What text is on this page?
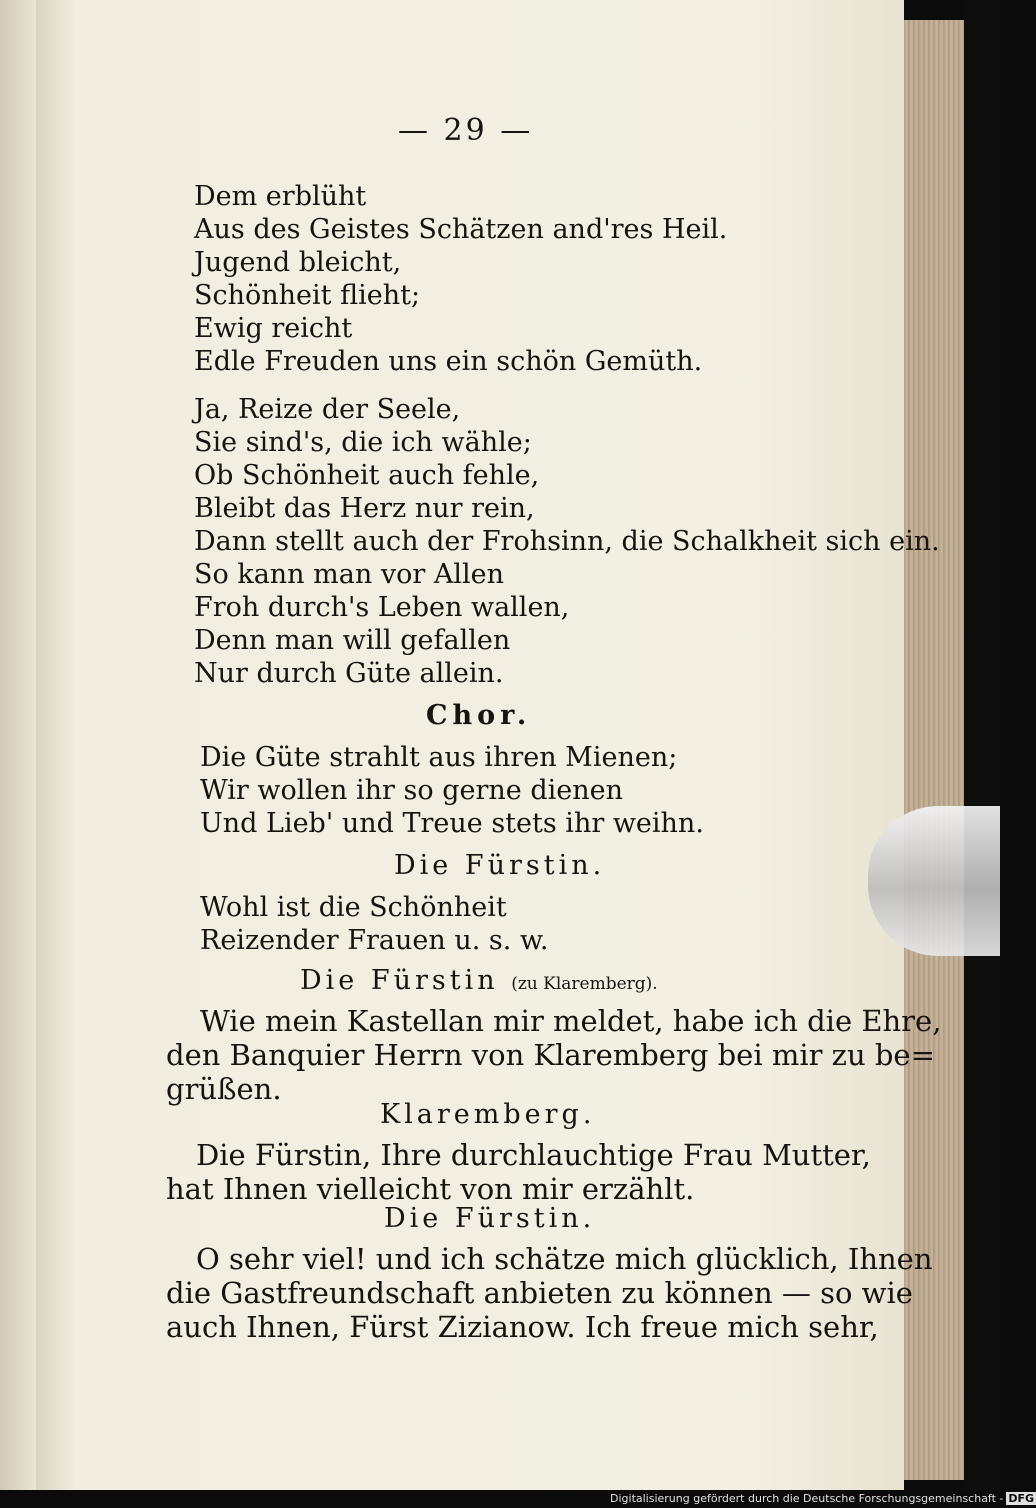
— 29 —
Dem erblüht
Aus des Geistes Schätzen and'res Heil.
Jugend bleicht,
Schönheit flieht;
Ewig reicht
Edle Freuden uns ein schön Gemüth.
Ja, Reize der Seele,
Sie sind's, die ich wähle;
Ob Schönheit auch fehle,
Bleibt das Herz nur rein,
Dann stellt auch der Frohsinn, die Schalkheit sich ein.
So kann man vor Allen
Froh durch's Leben wallen,
Denn man will gefallen
Nur durch Güte allein.
Chor.
Die Güte strahlt aus ihren Mienen;
Wir wollen ihr so gerne dienen
Und Lieb' und Treue stets ihr weihn.
Die Fürstin.
Wohl ist die Schönheit
Reizender Frauen u. s. w.
Die Fürstin (zu Klaremberg).
Wie mein Kastellan mir meldet, habe ich die Ehre,
den Banquier Herrn von Klaremberg bei mir zu be=
grüßen.
Klaremberg.
Die Fürstin, Ihre durchlauchtige Frau Mutter,
hat Ihnen vielleicht von mir erzählt.
Die Fürstin.
O sehr viel! und ich schätze mich glücklich, Ihnen
die Gastfreundschaft anbieten zu können — so wie
auch Ihnen, Fürst Zizianow. Ich freue mich sehr,
Digitalisierung gefördert durch die Deutsche Forschungsgemeinschaft - DFG
